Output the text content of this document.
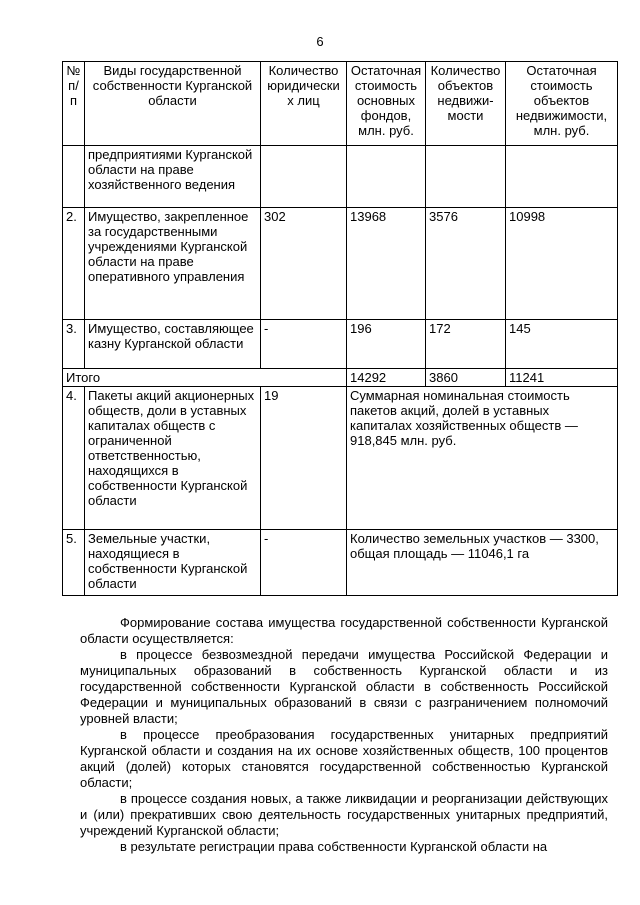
6
№ п/п	Виды государственной собственности Курганской области	Количество юридических лиц	Остаточная стоимость основных фондов, млн. руб.	Количество объектов недвижи-мости	Остаточная стоимость объектов недвижимости, млн. руб.
	предприятиями Курганской области на праве хозяйственного ведения				
2.	Имущество, закрепленное за государственными учреждениями Курганской области на праве оперативного управления	302	13968	3576	10998
3.	Имущество, составляющее казну Курганской области	-	196	172	145
Итого			14292	3860	11241
4.	Пакеты акций акционерных обществ, доли в уставных капиталах обществ с ограниченной ответственностью, находящихся в собственности Курганской области	19	Суммарная номинальная стоимость пакетов акций, долей в уставных капиталах хозяйственных обществ — 918,845 млн. руб.		
5.	Земельные участки, находящиеся в собственности Курганской области	-	Количество земельных участков — 3300, общая площадь — 11046,1 га		

Формирование состава имущества государственной собственности Курганской области осуществляется:

в процессе безвозмездной передачи имущества Российской Федерации и муниципальных образований в собственность Курганской области и из государственной собственности Курганской области в собственность Российской Федерации и муниципальных образований в связи с разграничением полномочий уровней власти;

в процессе преобразования государственных унитарных предприятий Курганской области и создания на их основе хозяйственных обществ, 100 процентов акций (долей) которых становятся государственной собственностью Курганской области;

в процессе создания новых, а также ликвидации и реорганизации действующих и (или) прекративших свою деятельность государственных унитарных предприятий, учреждений Курганской области;

в результате регистрации права собственности Курганской области на
